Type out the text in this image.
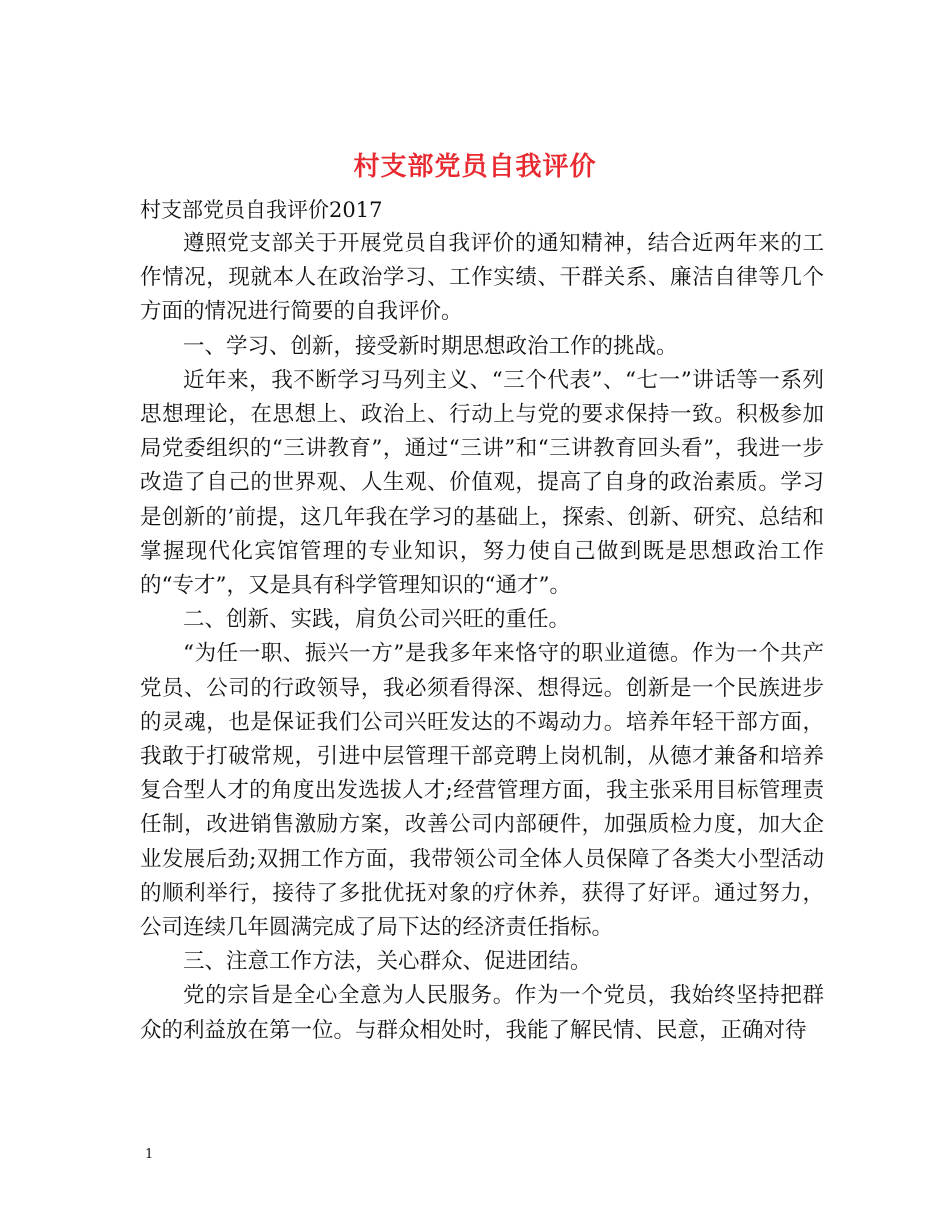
村支部党员自我评价

村支部党员自我评价2017

遵照党支部关于开展党员自我评价的通知精神，结合近两年来的工作情况，现就本人在政治学习、工作实绩、干群关系、廉洁自律等几个方面的情况进行简要的自我评价。

一、学习、创新，接受新时期思想政治工作的挑战。

近年来，我不断学习马列主义、“三个代表”、“七一”讲话等一系列思想理论，在思想上、政治上、行动上与党的要求保持一致。积极参加局党委组织的“三讲教育”，通过“三讲”和“三讲教育回头看”，我进一步改造了自己的世界观、人生观、价值观，提高了自身的政治素质。学习是创新的’前提，这几年我在学习的基础上，探索、创新、研究、总结和掌握现代化宾馆管理的专业知识，努力使自己做到既是思想政治工作的“专才”，又是具有科学管理知识的“通才”。

二、创新、实践，肩负公司兴旺的重任。

“为任一职、振兴一方”是我多年来恪守的职业道德。作为一个共产党员、公司的行政领导，我必须看得深、想得远。创新是一个民族进步的灵魂，也是保证我们公司兴旺发达的不竭动力。培养年轻干部方面，我敢于打破常规，引进中层管理干部竞聘上岗机制，从德才兼备和培养复合型人才的角度出发选拔人才;经营管理方面，我主张采用目标管理责任制，改进销售激励方案，改善公司内部硬件，加强质检力度，加大企业发展后劲;双拥工作方面，我带领公司全体人员保障了各类大小型活动的顺利举行，接待了多批优抚对象的疗休养，获得了好评。通过努力，公司连续几年圆满完成了局下达的经济责任指标。

三、注意工作方法，关心群众、促进团结。

党的宗旨是全心全意为人民服务。作为一个党员，我始终坚持把群众的利益放在第一位。与群众相处时，我能了解民情、民意，正确对待

1
